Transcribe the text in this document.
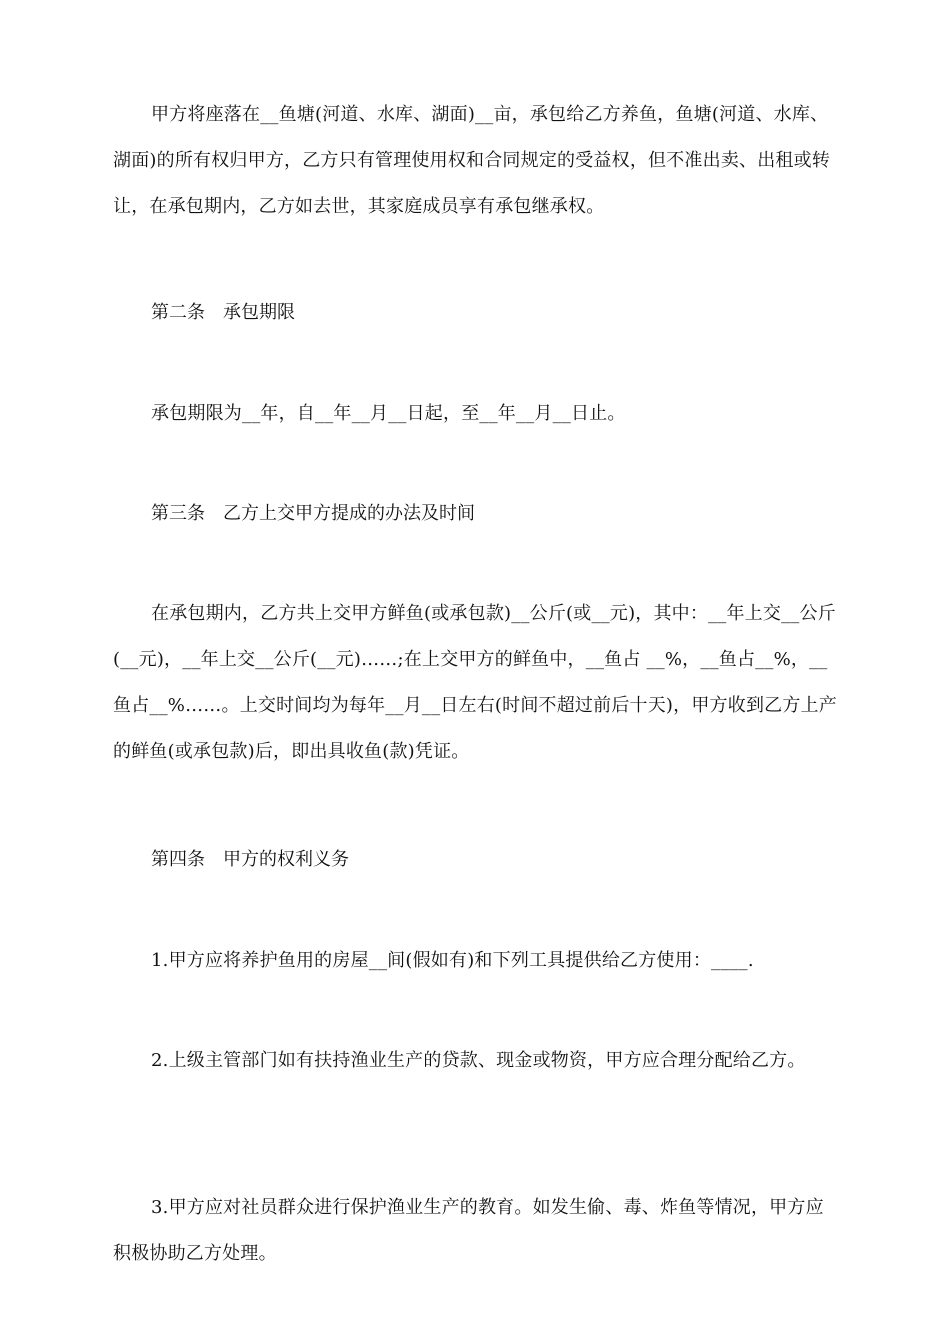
甲方将座落在__鱼塘(河道、水库、湖面)__亩，承包给乙方养鱼，鱼塘(河道、水库、湖面)的所有权归甲方，乙方只有管理使用权和合同规定的受益权，但不准出卖、出租或转让，在承包期内，乙方如去世，其家庭成员享有承包继承权。

第二条　承包期限

承包期限为__年，自__年__月__日起，至__年__月__日止。

第三条　乙方上交甲方提成的办法及时间

在承包期内，乙方共上交甲方鲜鱼(或承包款)__公斤(或__元)，其中：__年上交__公斤(__元)，__年上交__公斤(__元)……;在上交甲方的鲜鱼中，__鱼占 __%，__鱼占__%，__鱼占__%……。上交时间均为每年__月__日左右(时间不超过前后十天)，甲方收到乙方上产的鲜鱼(或承包款)后，即出具收鱼(款)凭证。

第四条　甲方的权利义务

1.甲方应将养护鱼用的房屋__间(假如有)和下列工具提供给乙方使用：____.

2.上级主管部门如有扶持渔业生产的贷款、现金或物资，甲方应合理分配给乙方。

3.甲方应对社员群众进行保护渔业生产的教育。如发生偷、毒、炸鱼等情况，甲方应积极协助乙方处理。
